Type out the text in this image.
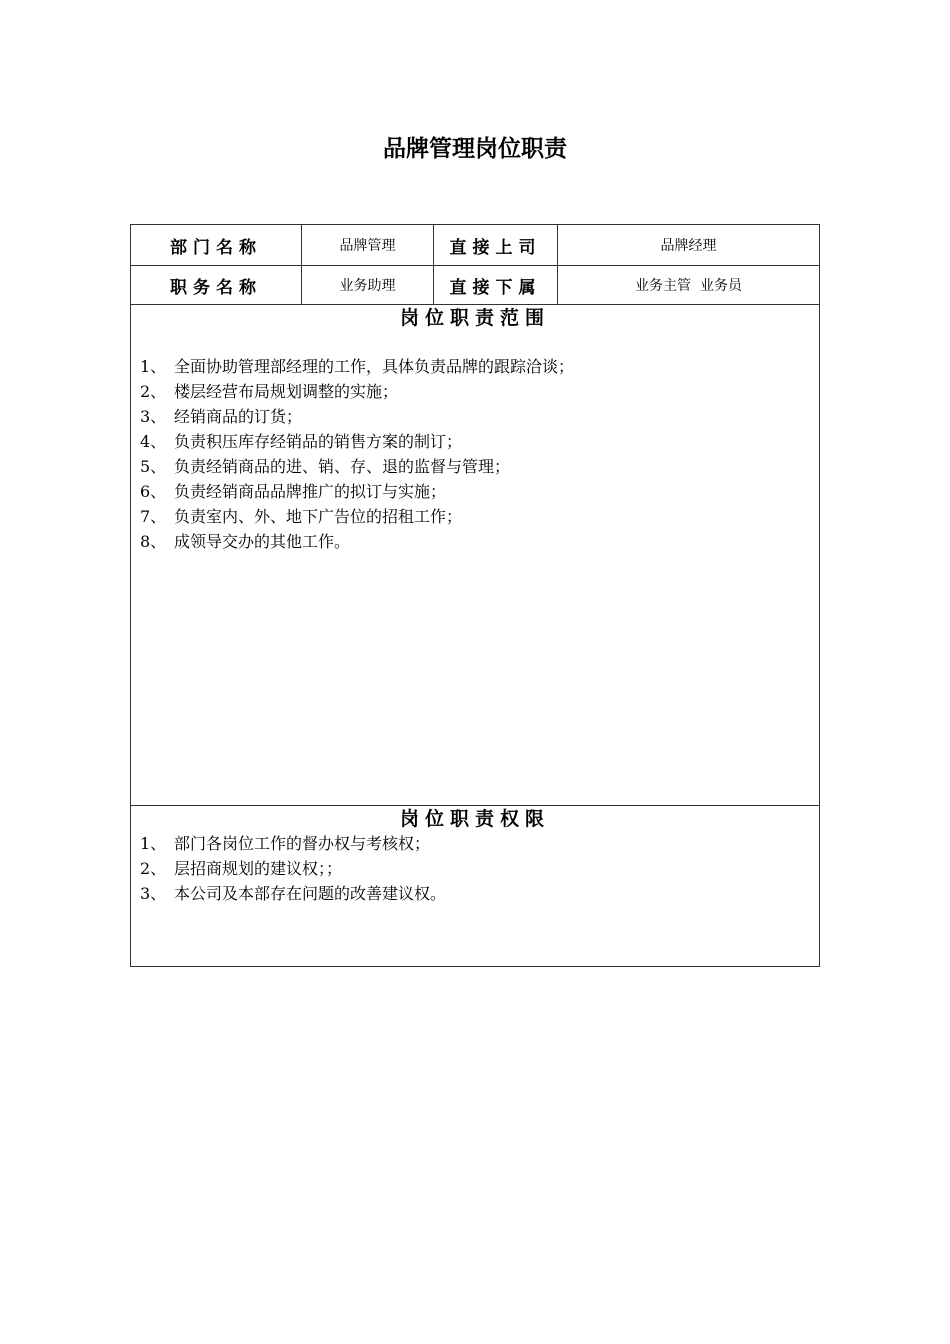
品牌管理岗位职责
部门名称	品牌管理	直接上司	品牌经理
职务名称	业务助理	直接下属	业务主管  业务员
岗位职责范围
1、 全面协助管理部经理的工作，具体负责品牌的跟踪洽谈；
2、 楼层经营布局规划调整的实施；
3、 经销商品的订货；
4、 负责积压库存经销品的销售方案的制订；
5、 负责经销商品的进、销、存、退的监督与管理；
6、 负责经销商品品牌推广的拟订与实施；
7、 负责室内、外、地下广告位的招租工作；
8、 成领导交办的其他工作。
岗位职责权限
1、 部门各岗位工作的督办权与考核权；
2、 层招商规划的建议权；；
3、 本公司及本部存在问题的改善建议权。
